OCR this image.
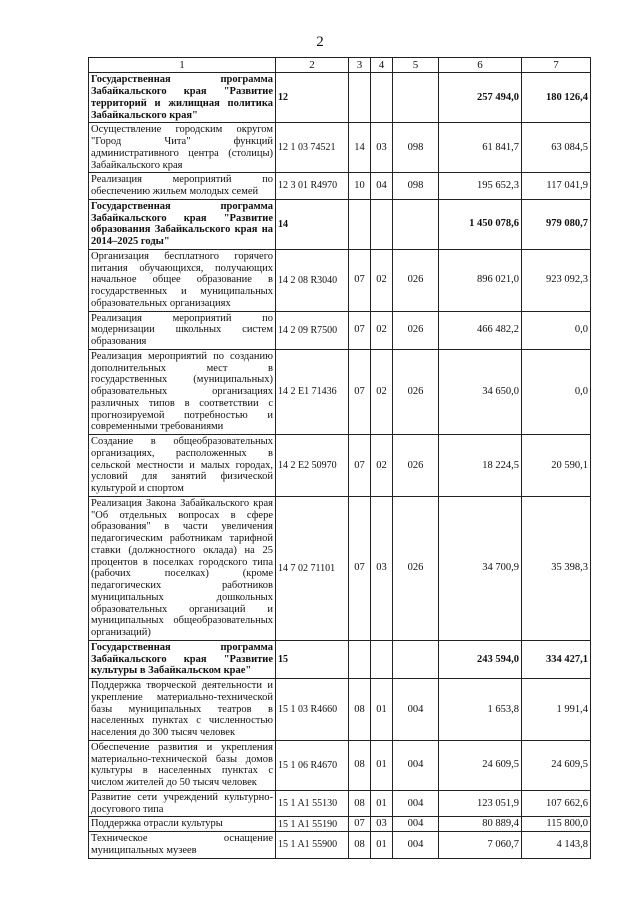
2
1	2	3	4	5	6	7
Государственная программа Забайкальского края "Развитие территорий и жилищная политика Забайкальского края"	12				257 494,0	180 126,4
Осуществление городским округом "Город Чита" функций административного центра (столицы) Забайкальского края	12 1 03 74521	14	03	098	61 841,7	63 084,5
Реализация мероприятий по обеспечению жильем молодых семей	12 3 01 R4970	10	04	098	195 652,3	117 041,9
Государственная программа Забайкальского края "Развитие образования Забайкальского края на 2014–2025 годы"	14				1 450 078,6	979 080,7
Организация бесплатного горячего питания обучающихся, получающих начальное общее образование в государственных и муниципальных образовательных организациях	14 2 08 R3040	07	02	026	896 021,0	923 092,3
Реализация мероприятий по модернизации школьных систем образования	14 2 09 R7500	07	02	026	466 482,2	0,0
Реализация мероприятий по созданию дополнительных мест в государственных (муниципальных) образовательных организациях различных типов в соответствии с прогнозируемой потребностью и современными требованиями	14 2 E1 71436	07	02	026	34 650,0	0,0
Создание в общеобразовательных организациях, расположенных в сельской местности и малых городах, условий для занятий физической культурой и спортом	14 2 E2 50970	07	02	026	18 224,5	20 590,1
Реализация Закона Забайкальского края "Об отдельных вопросах в сфере образования" в части увеличения педагогическим работникам тарифной ставки (должностного оклада) на 25 процентов в поселках городского типа (рабочих поселках) (кроме педагогических работников муниципальных дошкольных образовательных организаций и муниципальных общеобразовательных организаций)	14 7 02 71101	07	03	026	34 700,9	35 398,3
Государственная программа Забайкальского края "Развитие культуры в Забайкальском крае"	15				243 594,0	334 427,1
Поддержка творческой деятельности и укрепление материально-технической базы муниципальных театров в населенных пунктах с численностью населения до 300 тысяч человек	15 1 03 R4660	08	01	004	1 653,8	1 991,4
Обеспечение развития и укрепления материально-технической базы домов культуры в населенных пунктах с числом жителей до 50 тысяч человек	15 1 06 R4670	08	01	004	24 609,5	24 609,5
Развитие сети учреждений культурно-досугового типа	15 1 A1 55130	08	01	004	123 051,9	107 662,6
Поддержка отрасли культуры	15 1 A1 55190	07	03	004	80 889,4	115 800,0
Техническое оснащение муниципальных музеев	15 1 A1 55900	08	01	004	7 060,7	4 143,8
